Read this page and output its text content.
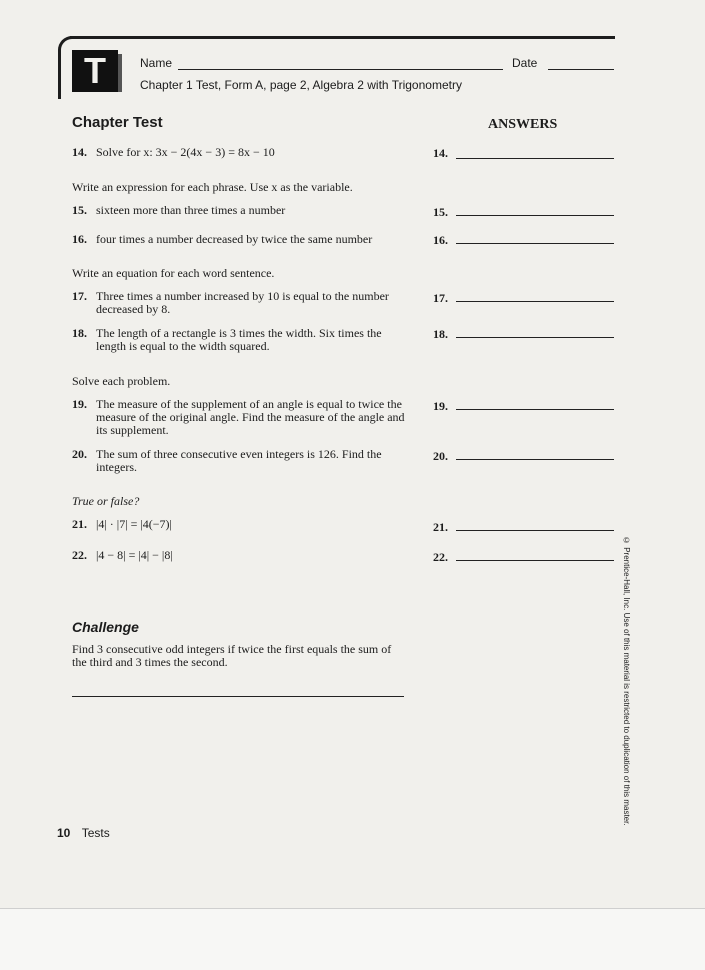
T	Name	Date
Chapter 1 Test, Form A, page 2, Algebra 2 with Trigonometry
Chapter Test	ANSWERS
14. Solve for x: 3x − 2(4x − 3) = 8x − 10	14.
Write an expression for each phrase. Use x as the variable.
15. sixteen more than three times a number	15.
16. four times a number decreased by twice the same number	16.
Write an equation for each word sentence.
17. Three times a number increased by 10 is equal to the number decreased by 8.
17.
18. The length of a rectangle is 3 times the width. Six times the length is equal to the width squared.
18.
Solve each problem.
19. The measure of the supplement of an angle is equal to twice the measure of the original angle. Find the measure of the angle and its supplement.
19.
20. The sum of three consecutive even integers is 126. Find the integers.
20.
True or false?
21. |4| · |7| = |4(−7)|	21.
22. |4 − 8| = |4| − |8|	22.
Challenge
Find 3 consecutive odd integers if twice the first equals the sum of the third and 3 times the second.	© Prentice-Hall, Inc. Use of this material is restricted to duplication of this master.
10 Tests
